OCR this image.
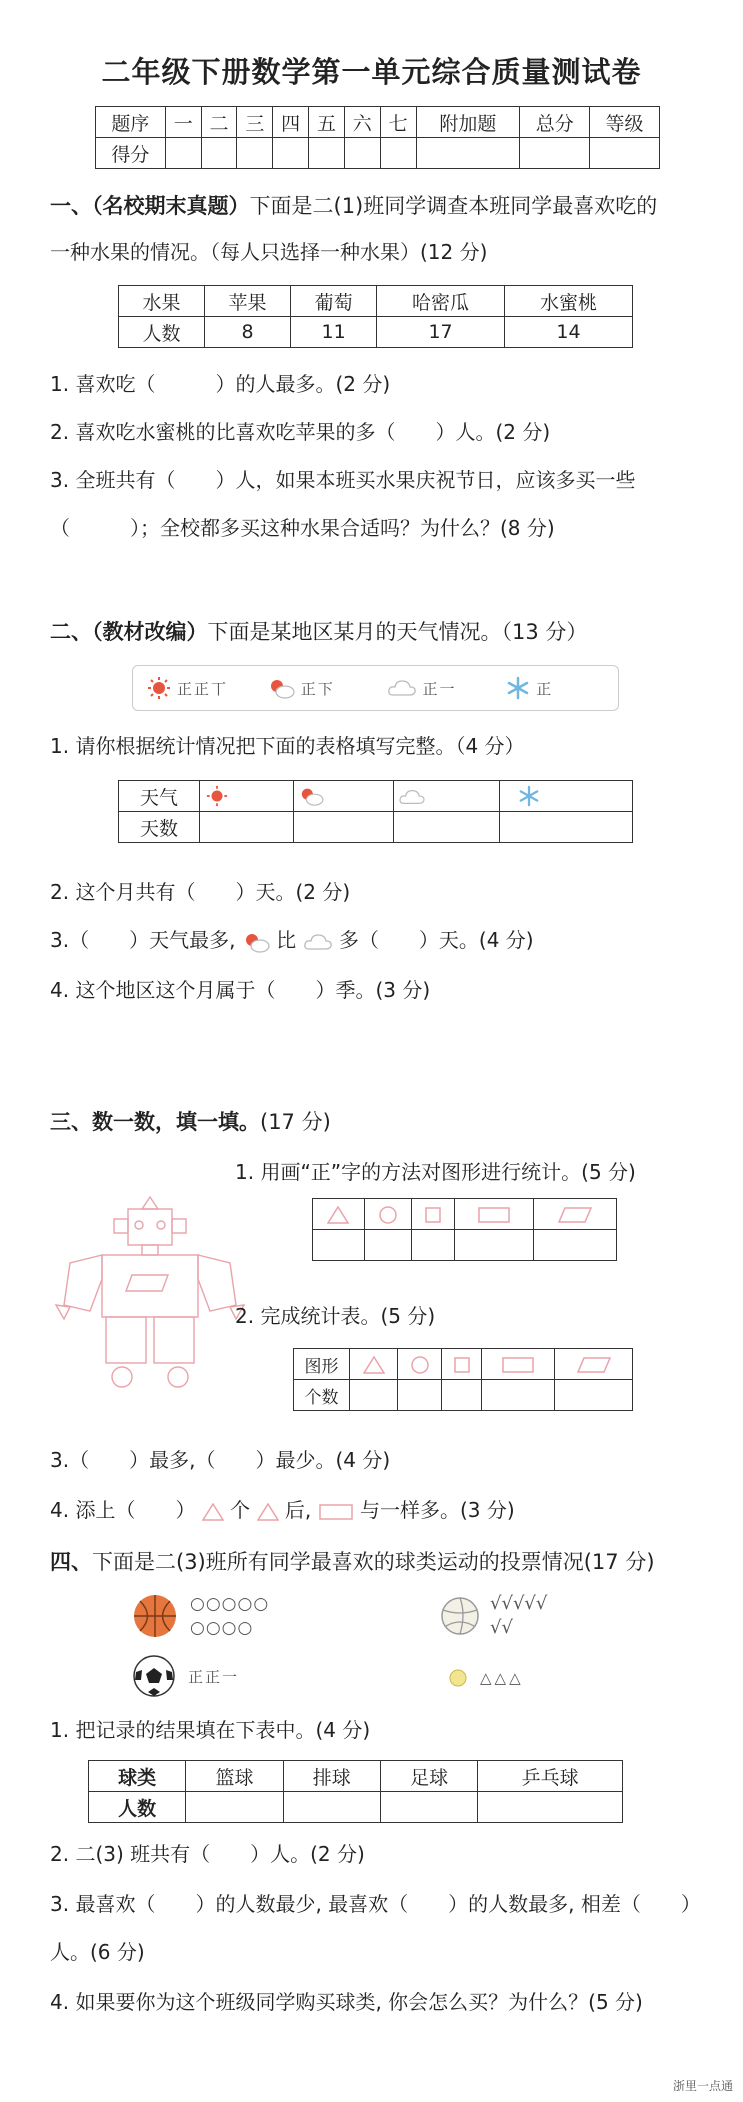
二年级下册数学第一单元综合质量测试卷
题序	一	二	三	四	五	六	七	附加题	总分	等级
得分										
一、（名校期末真题）下面是二(1)班同学调查本班同学最喜欢吃的
一种水果的情况。（每人只选择一种水果）(12 分)
水果	苹果	葡萄	哈密瓜	水蜜桃
人数	8	11	17	14
1. 喜欢吃（　　　）的人最多。(2 分)
2. 喜欢吃水蜜桃的比喜欢吃苹果的多（　　）人。(2 分)
3. 全班共有（　　）人，如果本班买水果庆祝节日，应该多买一些
（　　　）；全校都多买这种水果合适吗？为什么？(8 分)
二、（教材改编）下面是某地区某月的天气情况。（13 分）
正正丅	正下	正一	正
1. 请你根据统计情况把下面的表格填写完整。（4 分）
天气				
天数				
2. 这个月共有（　　）天。(2 分)
3.（　　）天气最多, 比 多（　　）天。(4 分)
4. 这个地区这个月属于（　　）季。(3 分)
三、数一数，填一填。(17 分)
1. 用画“正”字的方法对图形进行统计。(5 分)

2. 完成统计表。(5 分)
图形					
个数					
3.（　　）最多,（　　）最少。(4 分)
4. 添上（　　） 个 后, 与一样多。(3 分)
四、下面是二(3)班所有同学最喜欢的球类运动的投票情况(17 分)
○○○○○
○○○○
√√√√√
√√
正正一	△△△
1. 把记录的结果填在下表中。(4 分)
球类	篮球	排球	足球	乒乓球
人数				
2. 二(3) 班共有（　　）人。(2 分)
3. 最喜欢（　　）的人数最少, 最喜欢（　　）的人数最多, 相差（　　）
人。(6 分)
4. 如果要你为这个班级同学购买球类, 你会怎么买？为什么？(5 分)
浙里一点通
